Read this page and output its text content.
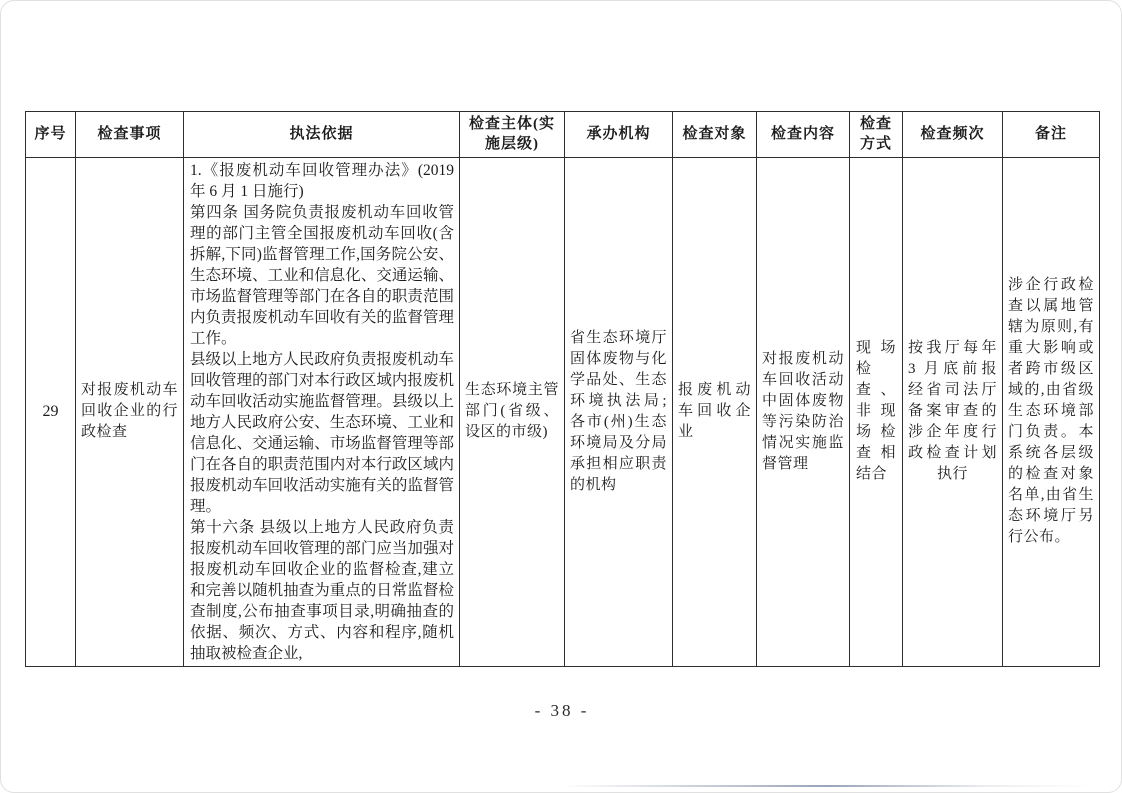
序号	检查事项	执法依据	检查主体(实施层级)	承办机构	检查对象	检查内容	检查方式	检查频次	备注
29	对报废机动车回收企业的行政检查	1.《报废机动车回收管理办法》(2019 年 6 月 1 日施行)
第四条 国务院负责报废机动车回收管理的部门主管全国报废机动车回收(含拆解,下同)监督管理工作,国务院公安、生态环境、工业和信息化、交通运输、市场监督管理等部门在各自的职责范围内负责报废机动车回收有关的监督管理工作。
县级以上地方人民政府负责报废机动车回收管理的部门对本行政区域内报废机动车回收活动实施监督管理。县级以上地方人民政府公安、生态环境、工业和信息化、交通运输、市场监督管理等部门在各自的职责范围内对本行政区域内报废机动车回收活动实施有关的监督管理。
第十六条 县级以上地方人民政府负责报废机动车回收管理的部门应当加强对报废机动车回收企业的监督检查,建立和完善以随机抽查为重点的日常监督检查制度,公布抽查事项目录,明确抽查的依据、频次、方式、内容和程序,随机抽取被检查企业,	生态环境主管部门(省级、设区的市级)	省生态环境厅固体废物与化学品处、生态环境执法局;各市(州)生态环境局及分局承担相应职责的机构	报废机动车回收企业	对报废机动车回收活动中固体废物等污染防治情况实施监督管理	现场检查、非现场检查相结合	按我厅每年 3 月底前报经省司法厅备案审查的涉企年度行政检查计划执行	涉企行政检查以属地管辖为原则,有重大影响或者跨市级区域的,由省级生态环境部门负责。本系统各层级的检查对象名单,由省生态环境厅另行公布。
- 38 -
